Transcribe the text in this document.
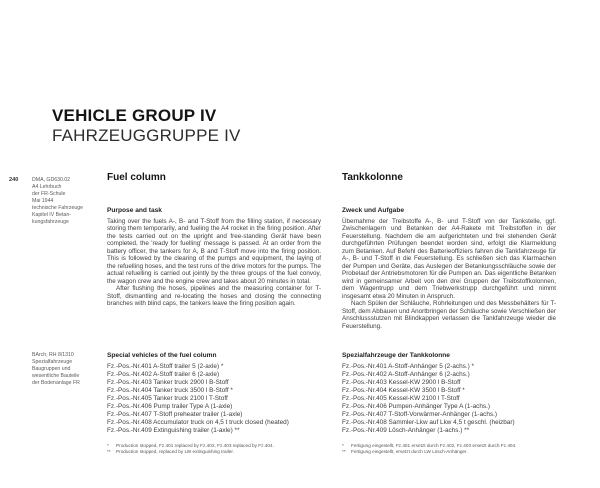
VEHICLE GROUP IV
FAHRZEUGGRUPPE IV
240	DMA, GD630.02
A4 Lehrbuch
der FR-Schule
Mai 1944
technische Fahrzeuge
Kapitel IV Betan-
kungsfahrzeuge
BArch, RH 8/1310
Spezialfahrzeuge
Baugruppen und
wesentliche Bauteile
der Bodenanlage FR
Fuel column
Purpose and task

Taking over the fuels A-, B- and T-Stoff from the filling station, if necessary storing them temporarily, and fueling the A4 rocket in the firing position. After the tests carried out on the upright and free-standing Gerät have been completed, the 'ready for fuelling' message is passed. At an order from the battery officer, the tankers for A, B and T-Stoff move into the firing position. This is followed by the clearing of the pumps and equipment, the laying of the refuelling hoses, and the test runs of the drive motors for the pumps. The actual refuelling is carried out jointly by the three groups of the fuel convoy, the wagon crew and the engine crew and takes about 20 minutes in total.

After flushing the hoses, pipelines and the measuring container for T-Stoff, dismantling and re-locating the hoses and closing the connecting branches with blind caps, the tankers leave the firing position again.

Special vehicles of the fuel column
Fz.-Pos.-Nr.401 A-Stoff trailer 5 (2-axle) *
Fz.-Pos.-Nr.402 A-Stoff trailer 6 (2-axle)
Fz.-Pos.-Nr.403 Tanker truck 2900 l B-Stoff
Fz.-Pos.-Nr.404 Tanker truck 3500 l B-Stoff *
Fz.-Pos.-Nr.405 Tanker truck 2100 l T-Stoff
Fz.-Pos.-Nr.406 Pump trailer Type A (1-axle)
Fz.-Pos.-Nr.407 T-Stoff preheater trailer (1-axle)
Fz.-Pos.-Nr.408 Accumulator truck on 4,5 t truck closed (heated)
Fz.-Pos.-Nr.409 Extinguishing trailer (1-axle) **
*	Production stopped, Fz.401 replaced by Fz.402, Fz.403 replaced by Fz.404.
**	Production stopped, replaced by LW extinguishing trailer.
Tankkolonne
Zweck und Aufgabe

Übernahme der Treibstoffe A-, B- und T-Stoff von der Tankstelle, ggf. Zwischenlagern und Betanken der A4-Rakete mit Treibstoffen in der Feuerstellung. Nachdem die am aufgerichteten und frei stehenden Gerät durchgeführten Prüfungen beendet worden sind, erfolgt die Klarmeldung zum Betanken. Auf Befehl des Batterieoffiziers fahren die Tankfahrzeuge für A-, B- und T-Stoff in die Feuerstellung. Es schließen sich das Klarmachen der Pumpen und Geräte, das Auslegen der Betankungsschläuche sowie der Probelauf der Antriebsmotoren für die Pumpen an. Das eigentliche Betanken wird in gemeinsamer Arbeit von den drei Gruppen der Treibstoffkolonnen, dem Wagentrupp und dem Triebwerkstrupp durchgeführt und nimmt insgesamt etwa 20 Minuten in Anspruch.

Nach Spülen der Schläuche, Rohrleitungen und des Messbehälters für T-Stoff, dem Abbauen und Anortbringen der Schläuche sowie Verschließen der Anschlussstutzen mit Blindkappen verlassen die Tankfahrzeuge wieder die Feuerstellung.

Spezialfahrzeuge der Tankkolonne
Fz.-Pos.-Nr.401 A-Stoff-Anhänger 5 (2-achs.) *
Fz.-Pos.-Nr.402 A-Stoff-Anhänger 6 (2-achs.)
Fz.-Pos.-Nr.403 Kessel-KW 2900 l B-Stoff
Fz.-Pos.-Nr.404 Kessel-KW 3500 l B-Stoff *
Fz.-Pos.-Nr.405 Kessel-KW 2100 l T-Stoff
Fz.-Pos.-Nr.406 Pumpen-Anhänger Type A (1-achs.)
Fz.-Pos.-Nr.407 T-Stoff-Vorwärmer-Anhänger (1-achs.)
Fz.-Pos.-Nr.408 Sammler-Lkw auf Lkw 4,5 t geschl. (heizbar)
Fz.-Pos.-Nr.409 Lösch-Anhänger (1-achs.) **
*	Fertigung eingestellt, Fz.401 ersetzt durch Fz.402, Fz.403 ersetzt durch Fz.404.
**	Fertigung eingestellt, ersetzt durch LW Lösch-Anhänger.
